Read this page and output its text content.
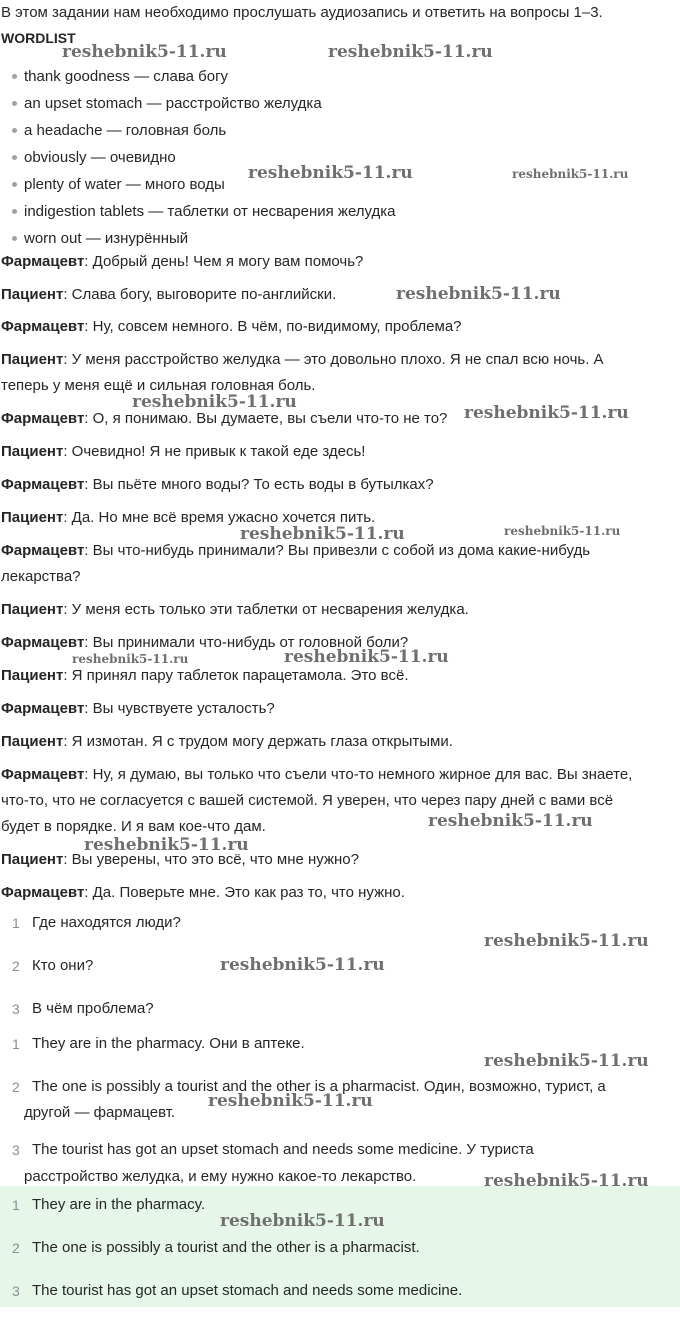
В этом задании нам необходимо прослушать аудиозапись и ответить на вопросы 1–3.
WORDLIST
thank goodness — слава богу
an upset stomach — расстройство желудка
a headache — головная боль
obviously — очевидно
plenty of water — много воды
indigestion tablets — таблетки от несварения желудка
worn out — изнурённый
Фармацевт: Добрый день! Чем я могу вам помочь?
Пациент: Слава богу, выговорите по-английски.
Фармацевт: Ну, совсем немного. В чём, по-видимому, проблема?
Пациент: У меня расстройство желудка — это довольно плохо. Я не спал всю ночь. А
теперь у меня ещё и сильная головная боль.
Фармацевт: О, я понимаю. Вы думаете, вы съели что-то не то?
Пациент: Очевидно! Я не привык к такой еде здесь!
Фармацевт: Вы пьёте много воды? То есть воды в бутылках?
Пациент: Да. Но мне всё время ужасно хочется пить.
Фармацевт: Вы что-нибудь принимали? Вы привезли с собой из дома какие-нибудь
лекарства?
Пациент: У меня есть только эти таблетки от несварения желудка.
Фармацевт: Вы принимали что-нибудь от головной боли?
Пациент: Я принял пару таблеток парацетамола. Это всё.
Фармацевт: Вы чувствуете усталость?
Пациент: Я измотан. Я с трудом могу держать глаза открытыми.
Фармацевт: Ну, я думаю, вы только что съели что-то немного жирное для вас. Вы знаете,
что-то, что не согласуется с вашей системой. Я уверен, что через пару дней с вами всё
будет в порядке. И я вам кое-что дам.
Пациент: Вы уверены, что это всё, что мне нужно?
Фармацевт: Да. Поверьте мне. Это как раз то, что нужно.
1 Где находятся люди?
2 Кто они?
3 В чём проблема?
1 They are in the pharmacy. Они в аптеке.
2 The one is possibly a tourist and the other is a pharmacist. Один, возможно, турист, а
другой — фармацевт.
3 The tourist has got an upset stomach and needs some medicine. У туриста
расстройство желудка, и ему нужно какое-то лекарство.
1 They are in the pharmacy.
2 The one is possibly a tourist and the other is a pharmacist.
3 The tourist has got an upset stomach and needs some medicine.
reshebnik5-11.ru	reshebnik5-11.ru
reshebnik5-11.ru	reshebnik5-11.ru
reshebnik5-11.ru
reshebnik5-11.ru
reshebnik5-11.ru
reshebnik5-11.ru	reshebnik5-11.ru
reshebnik5-11.ru	reshebnik5-11.ru
reshebnik5-11.ru
reshebnik5-11.ru
reshebnik5-11.ru
reshebnik5-11.ru
reshebnik5-11.ru
reshebnik5-11.ru
reshebnik5-11.ru
reshebnik5-11.ru
